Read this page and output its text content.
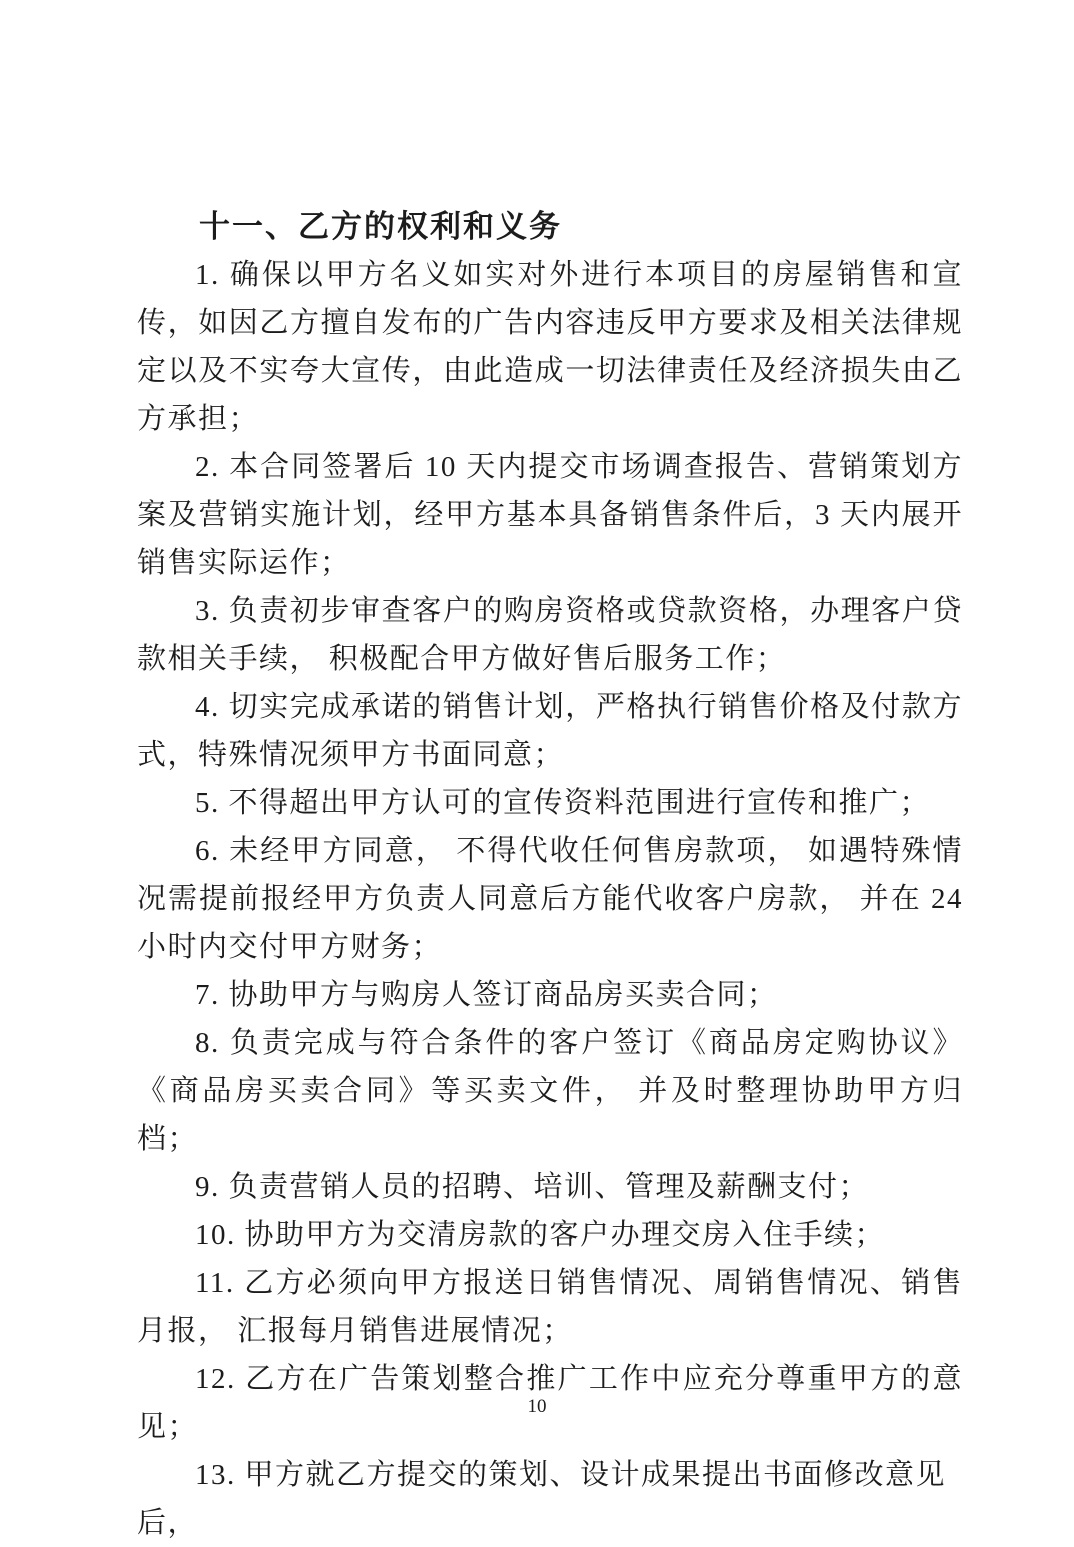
十一、乙方的权利和义务

1. 确保以甲方名义如实对外进行本项目的房屋销售和宣传，如因乙方擅自发布的广告内容违反甲方要求及相关法律规定以及不实夸大宣传，由此造成一切法律责任及经济损失由乙方承担；

2. 本合同签署后 10 天内提交市场调查报告、营销策划方案及营销实施计划，经甲方基本具备销售条件后，3 天内展开销售实际运作；

3. 负责初步审查客户的购房资格或贷款资格，办理客户贷款相关手续， 积极配合甲方做好售后服务工作；

4. 切实完成承诺的销售计划，严格执行销售价格及付款方式，特殊情况须甲方书面同意；

5. 不得超出甲方认可的宣传资料范围进行宣传和推广；

6. 未经甲方同意， 不得代收任何售房款项， 如遇特殊情况需提前报经甲方负责人同意后方能代收客户房款， 并在 24 小时内交付甲方财务；

7. 协助甲方与购房人签订商品房买卖合同；

8. 负责完成与符合条件的客户签订《商品房定购协议》《商品房买卖合同》等买卖文件， 并及时整理协助甲方归档；

9. 负责营销人员的招聘、培训、管理及薪酬支付；

10. 协助甲方为交清房款的客户办理交房入住手续；

11. 乙方必须向甲方报送日销售情况、周销售情况、销售月报， 汇报每月销售进展情况；

12. 乙方在广告策划整合推广工作中应充分尊重甲方的意见；

13. 甲方就乙方提交的策划、设计成果提出书面修改意见后，

10
